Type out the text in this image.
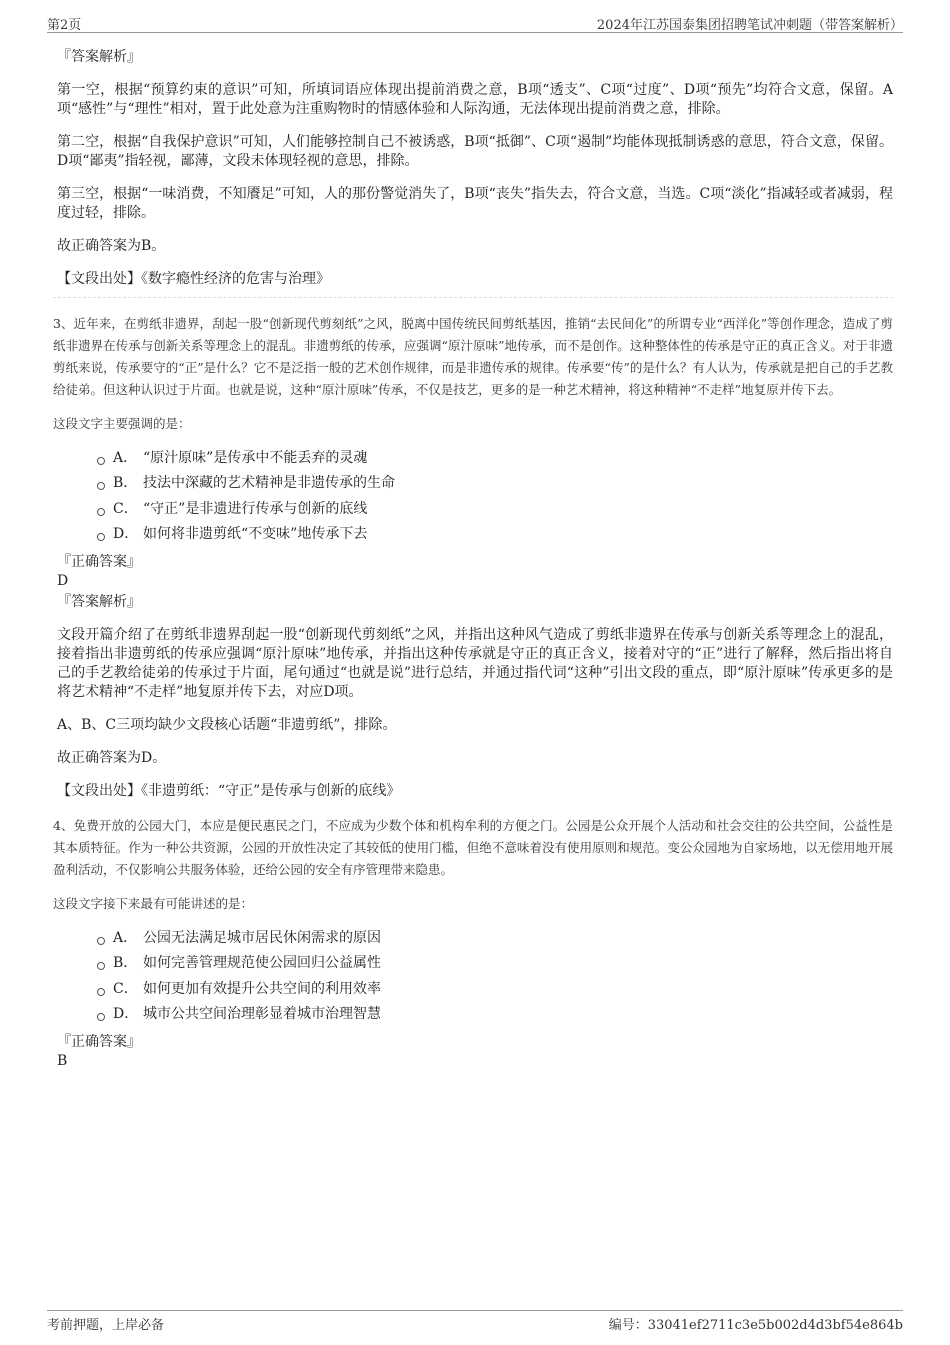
第2页	2024年江苏国泰集团招聘笔试冲刺题（带答案解析）

『答案解析』

第一空，根据“预算约束的意识”可知，所填词语应体现出提前消费之意，B项“透支”、C项“过度”、D项“预先”均符合文意，保留。A项“感性”与“理性”相对，置于此处意为注重购物时的情感体验和人际沟通，无法体现出提前消费之意，排除。

第二空，根据“自我保护意识”可知，人们能够控制自己不被诱惑，B项“抵御”、C项“遏制”均能体现抵制诱惑的意思，符合文意，保留。D项“鄙夷”指轻视，鄙薄，文段未体现轻视的意思，排除。

第三空，根据“一味消费，不知餍足”可知，人的那份警觉消失了，B项“丧失”指失去，符合文意，当选。C项“淡化”指减轻或者减弱，程度过轻，排除。

故正确答案为B。

【文段出处】《数字瘾性经济的危害与治理》

3、近年来，在剪纸非遗界，刮起一股“创新现代剪刻纸”之风，脱离中国传统民间剪纸基因，推销“去民间化”的所谓专业“西洋化”等创作理念，造成了剪纸非遗界在传承与创新关系等理念上的混乱。非遗剪纸的传承，应强调“原汁原味”地传承，而不是创作。这种整体性的传承是守正的真正含义。对于非遗剪纸来说，传承要守的“正”是什么？它不是泛指一般的艺术创作规律，而是非遗传承的规律。传承要“传”的是什么？有人认为，传承就是把自己的手艺教给徒弟。但这种认识过于片面。也就是说，这种“原汁原味”传承，不仅是技艺，更多的是一种艺术精神，将这种精神“不走样”地复原并传下去。

这段文字主要强调的是：

A． “原汁原味”是传承中不能丢弃的灵魂
B． 技法中深藏的艺术精神是非遗传承的生命
C． “守正”是非遗进行传承与创新的底线
D． 如何将非遗剪纸“不变味”地传承下去

『正确答案』

D

『答案解析』

文段开篇介绍了在剪纸非遗界刮起一股“创新现代剪刻纸”之风，并指出这种风气造成了剪纸非遗界在传承与创新关系等理念上的混乱，接着指出非遗剪纸的传承应强调“原汁原味”地传承，并指出这种传承就是守正的真正含义，接着对守的“正”进行了解释，然后指出将自己的手艺教给徒弟的传承过于片面，尾句通过“也就是说”进行总结，并通过指代词“这种”引出文段的重点，即“原汁原味”传承更多的是将艺术精神“不走样”地复原并传下去，对应D项。

A、B、C三项均缺少文段核心话题“非遗剪纸”，排除。

故正确答案为D。

【文段出处】《非遗剪纸：“守正”是传承与创新的底线》

4、免费开放的公园大门，本应是便民惠民之门，不应成为少数个体和机构牟利的方便之门。公园是公众开展个人活动和社会交往的公共空间，公益性是其本质特征。作为一种公共资源，公园的开放性决定了其较低的使用门槛，但绝不意味着没有使用原则和规范。变公众园地为自家场地，以无偿用地开展盈利活动，不仅影响公共服务体验，还给公园的安全有序管理带来隐患。

这段文字接下来最有可能讲述的是：

A． 公园无法满足城市居民休闲需求的原因
B． 如何完善管理规范使公园回归公益属性
C． 如何更加有效提升公共空间的利用效率
D． 城市公共空间治理彰显着城市治理智慧

『正确答案』

B

考前押题，上岸必备	编号：33041ef2711c3e5b002d4d3bf54e864b
